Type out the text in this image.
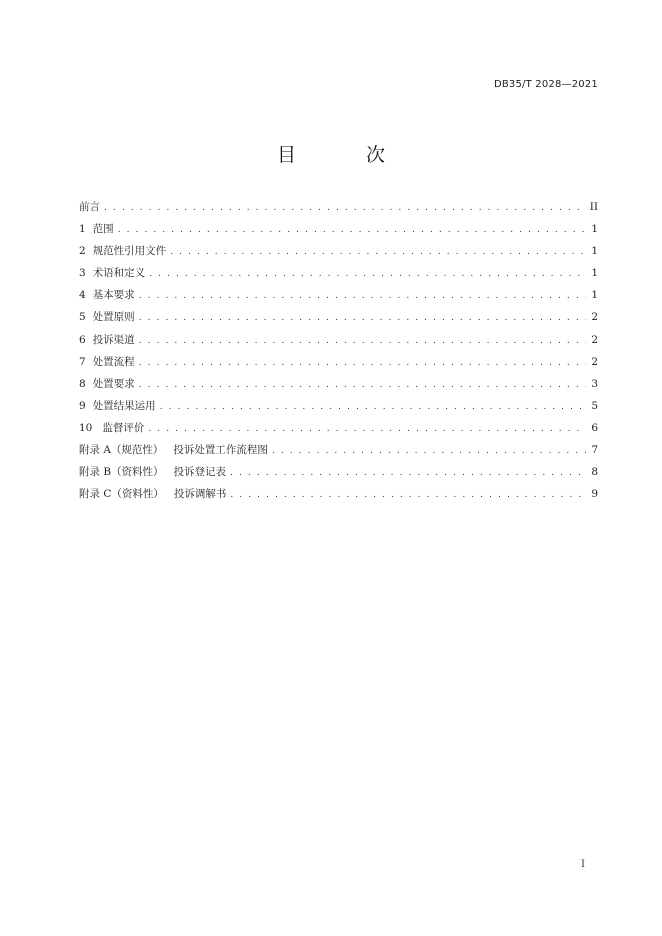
DB35/T 2028—2021
目 次
前言 . . .	II
1 范围 . . .	1
2 规范性引用文件 . . .	1
3 术语和定义 . . .	1
4 基本要求 . . .	1
5 处置原则 . . .	2
6 投诉渠道 . . .	2
7 处置流程 . . .	2
8 处置要求 . . .	3
9 处置结果运用 . . .	5
10 监督评价 . . .	6
附录 A（规范性） 投诉处置工作流程图 . . .	7
附录 B（资料性） 投诉登记表 . . .	8
附录 C（资料性） 投诉调解书 . . .	9
I
